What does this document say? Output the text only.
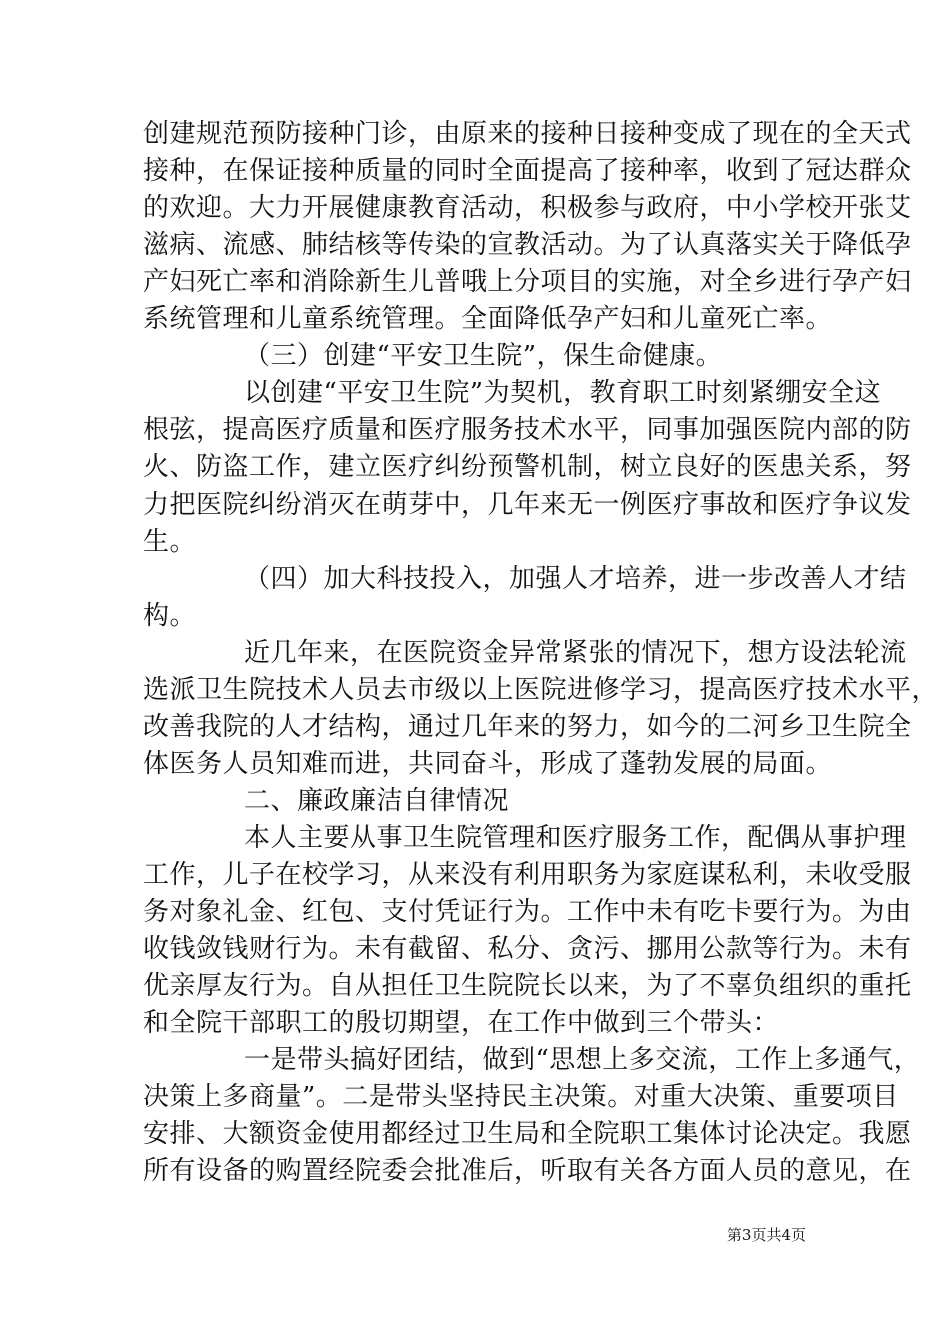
创建规范预防接种门诊，由原来的接种日接种变成了现在的全天式
接种，在保证接种质量的同时全面提高了接种率，收到了冠达群众
的欢迎。大力开展健康教育活动，积极参与政府，中小学校开张艾
滋病、流感、肺结核等传染的宣教活动。为了认真落实关于降低孕
产妇死亡率和消除新生儿普哦上分项目的实施，对全乡进行孕产妇
系统管理和儿童系统管理。全面降低孕产妇和儿童死亡率。
（三）创建“平安卫生院”，保生命健康。
以创建“平安卫生院”为契机，教育职工时刻紧绷安全这
根弦，提高医疗质量和医疗服务技术水平，同事加强医院内部的防
火、防盗工作，建立医疗纠纷预警机制，树立良好的医患关系，努
力把医院纠纷消灭在萌芽中，几年来无一例医疗事故和医疗争议发
生。
（四）加大科技投入，加强人才培养，进一步改善人才结
构。
近几年来，在医院资金异常紧张的情况下，想方设法轮流
选派卫生院技术人员去市级以上医院进修学习，提高医疗技术水平，
改善我院的人才结构，通过几年来的努力，如今的二河乡卫生院全
体医务人员知难而进，共同奋斗，形成了蓬勃发展的局面。
二、廉政廉洁自律情况
本人主要从事卫生院管理和医疗服务工作，配偶从事护理
工作，儿子在校学习，从来没有利用职务为家庭谋私利，未收受服
务对象礼金、红包、支付凭证行为。工作中未有吃卡要行为。为由
收钱敛钱财行为。未有截留、私分、贪污、挪用公款等行为。未有
优亲厚友行为。自从担任卫生院院长以来，为了不辜负组织的重托
和全院干部职工的殷切期望，在工作中做到三个带头：
一是带头搞好团结，做到“思想上多交流，工作上多通气，
决策上多商量”。二是带头坚持民主决策。对重大决策、重要项目
安排、大额资金使用都经过卫生局和全院职工集体讨论决定。我愿
所有设备的购置经院委会批准后，听取有关各方面人员的意见，在
第3页共4页
